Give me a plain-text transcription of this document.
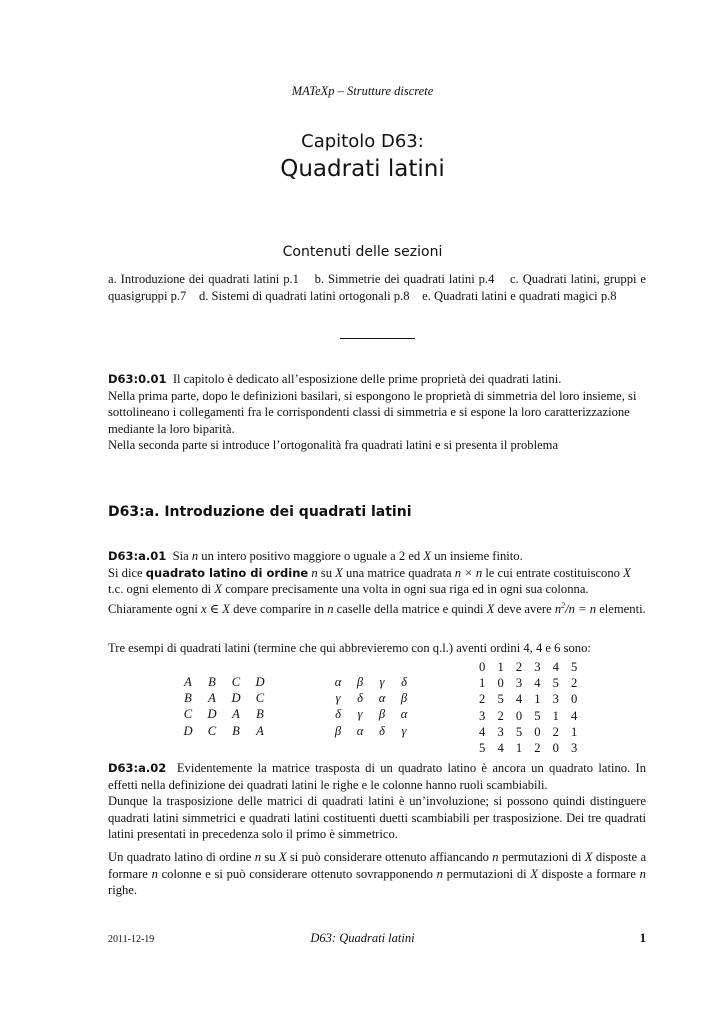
MATeXp – Strutture discrete
Capitolo D63:
Quadrati latini
Contenuti delle sezioni
a. Introduzione dei quadrati latini p.1 b. Simmetrie dei quadrati latini p.4 c. Quadrati latini, gruppi e quasigruppi p.7 d. Sistemi di quadrati latini ortogonali p.8 e. Quadrati latini e quadrati magici p.8

D63:0.01 Il capitolo è dedicato all’esposizione delle prime proprietà dei quadrati latini.

Nella prima parte, dopo le definizioni basilari, si espongono le proprietà di simmetria del loro insieme, si sottolineano i collegamenti fra le corrispondenti classi di simmetria e si espone la loro caratterizzazione mediante la loro biparità.

Nella seconda parte si introduce l’ortogonalità fra quadrati latini e si presenta il problema

D63:a. Introduzione dei quadrati latini

D63:a.01 Sia n un intero positivo maggiore o uguale a 2 ed X un insieme finito.

Si dice quadrato latino di ordine n su X una matrice quadrata n × n le cui entrate costituiscono X t.c. ogni elemento di X compare precisamente una volta in ogni sua riga ed in ogni sua colonna.

Chiaramente ogni x ∈ X deve comparire in n caselle della matrice e quindi X deve avere $n^2/n = n$ elementi.

Tre esempi di quadrati latini (termine che qui abbrevieremo con q.l.) aventi ordini 4, 4 e 6 sono:
A	B	C	D
B	A	D	C
C	D	A	B
D	C	B	A
α	β	γ	δ
γ	δ	α	β
δ	γ	β	α
β	α	δ	γ
0	1	2	3	4	5
1	0	3	4	5	2
2	5	4	1	3	0
3	2	0	5	1	4
4	3	5	0	2	1
5	4	1	2	0	3

D63:a.02 Evidentemente la matrice trasposta di un quadrato latino è ancora un quadrato latino. In effetti nella definizione dei quadrati latini le righe e le colonne hanno ruoli scambiabili.

Dunque la trasposizione delle matrici di quadrati latini è un’involuzione; si possono quindi distinguere quadrati latini simmetrici e quadrati latini costituenti duetti scambiabili per trasposizione. Dei tre quadrati latini presentati in precedenza solo il primo è simmetrico.

Un quadrato latino di ordine n su X si può considerare ottenuto affiancando n permutazioni di X disposte a formare n colonne e si può considerare ottenuto sovrapponendo n permutazioni di X disposte a formare n righe.
2011-12-19	D63: Quadrati latini	1
